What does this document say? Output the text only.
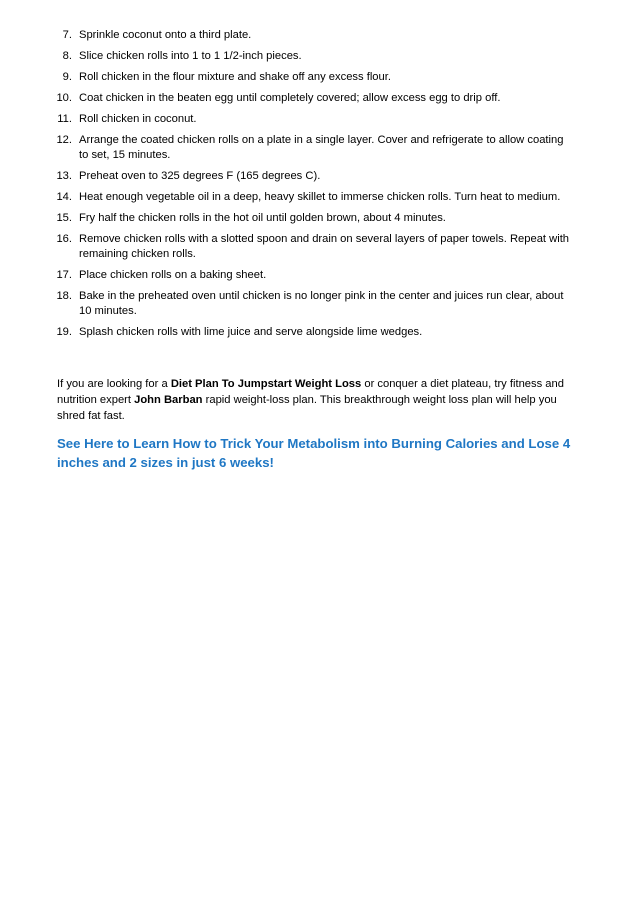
7. Sprinkle coconut onto a third plate.
8. Slice chicken rolls into 1 to 1 1/2-inch pieces.
9. Roll chicken in the flour mixture and shake off any excess flour.
10. Coat chicken in the beaten egg until completely covered; allow excess egg to drip off.
11. Roll chicken in coconut.
12. Arrange the coated chicken rolls on a plate in a single layer. Cover and refrigerate to allow coating to set, 15 minutes.
13. Preheat oven to 325 degrees F (165 degrees C).
14. Heat enough vegetable oil in a deep, heavy skillet to immerse chicken rolls. Turn heat to medium.
15. Fry half the chicken rolls in the hot oil until golden brown, about 4 minutes.
16. Remove chicken rolls with a slotted spoon and drain on several layers of paper towels. Repeat with remaining chicken rolls.
17. Place chicken rolls on a baking sheet.
18. Bake in the preheated oven until chicken is no longer pink in the center and juices run clear, about 10 minutes.
19. Splash chicken rolls with lime juice and serve alongside lime wedges.

If you are looking for a Diet Plan To Jumpstart Weight Loss or conquer a diet plateau, try fitness and nutrition expert John Barban rapid weight-loss plan. This breakthrough weight loss plan will help you shred fat fast.

See Here to Learn How to Trick Your Metabolism into Burning Calories and Lose 4 inches and 2 sizes in just 6 weeks!
